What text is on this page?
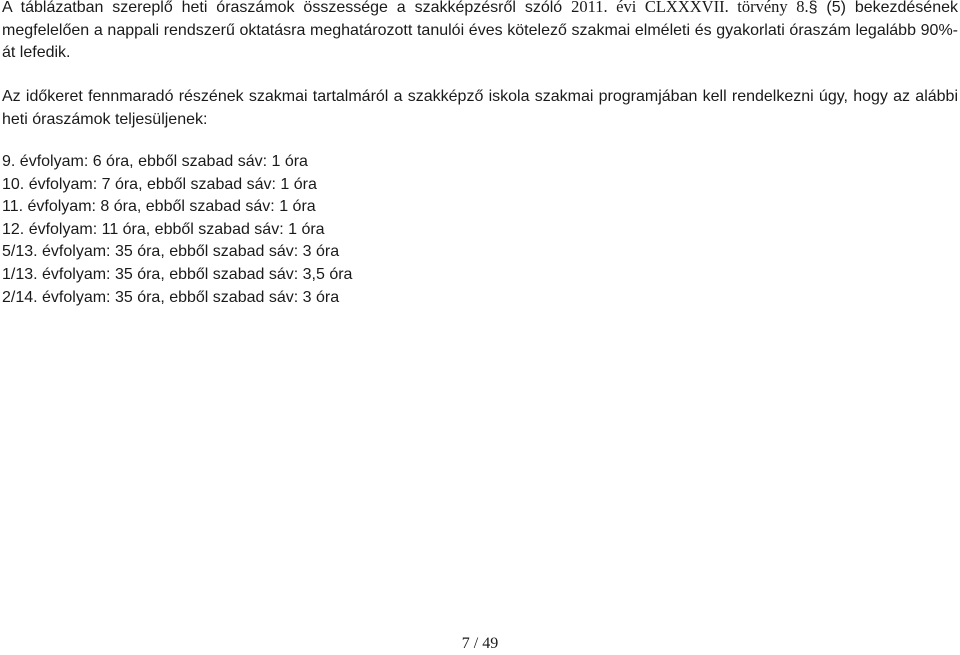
A táblázatban szereplő heti óraszámok összessége a szakképzésről szóló 2011. évi CLXXXVII. törvény 8.§ (5) bekezdésének megfelelően a nappali rendszerű oktatásra meghatározott tanulói éves kötelező szakmai elméleti és gyakorlati óraszám legalább 90%-át lefedik.

Az időkeret fennmaradó részének szakmai tartalmáról a szakképző iskola szakmai programjában kell rendelkezni úgy, hogy az alábbi heti óraszámok teljesüljenek:

9. évfolyam: 6 óra, ebből szabad sáv: 1 óra
10. évfolyam: 7 óra, ebből szabad sáv: 1 óra
11. évfolyam: 8 óra, ebből szabad sáv: 1 óra
12. évfolyam: 11 óra, ebből szabad sáv: 1 óra
5/13. évfolyam: 35 óra, ebből szabad sáv: 3 óra
1/13. évfolyam: 35 óra, ebből szabad sáv: 3,5 óra
2/14. évfolyam: 35 óra, ebből szabad sáv: 3 óra
7 / 49
